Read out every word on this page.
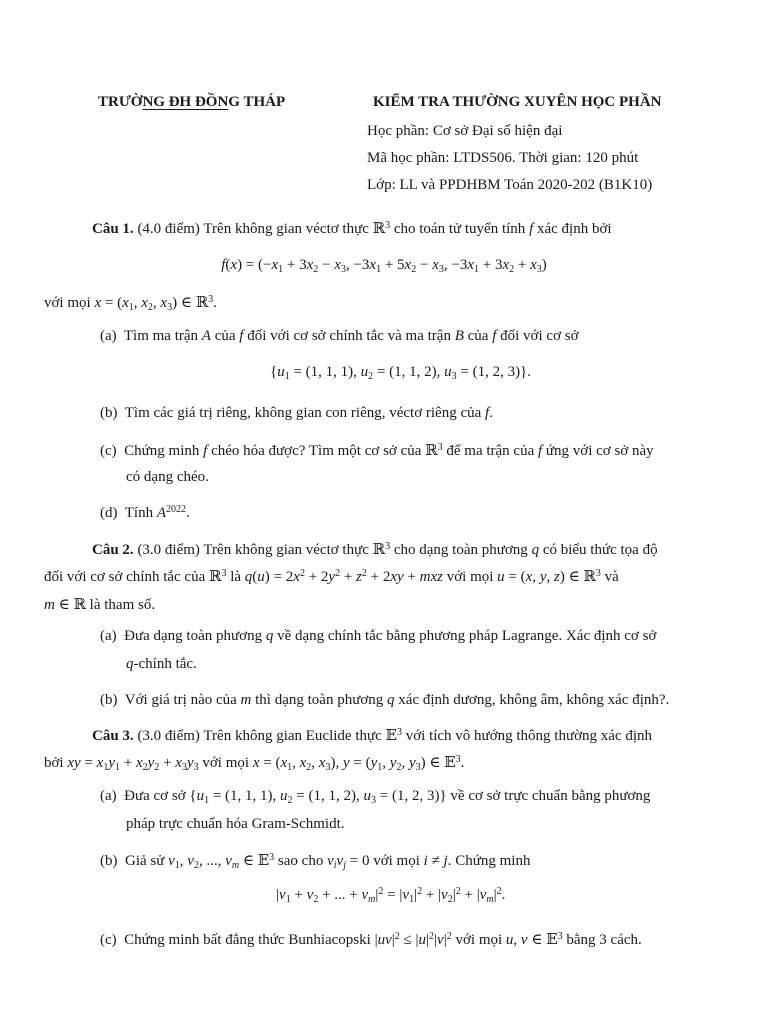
TRƯỜNG ĐH ĐỒNG THÁP	KIỂM TRA THƯỜNG XUYÊN HỌC PHẦN
Học phần: Cơ sở Đại số hiện đại
Mã học phần: LTDS506. Thời gian: 120 phút
Lớp: LL và PPDHBM Toán 2020-202 (B1K10)
Câu 1. (4.0 điểm) Trên không gian véctơ thực ℝ$^3$ cho toán tử tuyến tính f xác định bởi
$f(x) = (-x_1 + 3x_2 - x_3$, $-3x_1 + 5x_2 - x_3$, $-3x_1 + 3x_2 + x_3$)
với mọi $x = (x_1$, $x_2$, $x_3$) ∈ ℝ$^3$.
(a) Tìm ma trận A của f đối với cơ sở chính tắc và ma trận B của f đối với cơ sở
{$u_1 = (1$, 1, 1), $u_2 = (1$, 1, 2), $u_3 = (1$, 2, 3)}.
(b) Tìm các giá trị riêng, không gian con riêng, véctơ riêng của f.
(c) Chứng minh f chéo hóa được? Tìm một cơ sở của ℝ$^3$ để ma trận của f ứng với cơ sở này
có dạng chéo.
(d) Tính $A^{2022}$.
Câu 2. (3.0 điểm) Trên không gian véctơ thực ℝ$^3$ cho dạng toàn phương q có biểu thức tọa độ
đối với cơ sở chính tắc của ℝ$^3$ là $q(u) = 2x^2 + 2y^2 + z^2 + 2xy$ + mxz với mọi u = (x, y, z) ∈ ℝ$^3$ và
m ∈ ℝ là tham số.
(a) Đưa dạng toàn phương q về dạng chính tắc bằng phương pháp Lagrange. Xác định cơ sở
q-chính tắc.
(b) Với giá trị nào của m thì dạng toàn phương q xác định dương, không âm, không xác định?.
Câu 3. (3.0 điểm) Trên không gian Euclide thực 𝔼$^3$ với tích vô hướng thông thường xác định
bởi xy = $x_1y_1 + x_2y_2 + x_3y_3$ với mọi $x = (x_1$, $x_2$, $x_3$), $y = (y_1$, $y_2$, $y_3$) ∈ 𝔼$^3$.
(a) Đưa cơ sở {$u_1 = (1$, 1, 1), $u_2 = (1$, 1, 2), $u_3 = (1$, 2, 3)} về cơ sở trực chuẩn bằng phương
pháp trực chuẩn hóa Gram-Schmidt.
(b) Giả sử $v_1$, $v_2$, ..., $v_m$ ∈ 𝔼$^3$ sao cho $v_iv_j = 0$ với mọi i ≠ j. Chứng minh
$|v_1 + v_2$ + ... + $v_m|^2 = |v_1|^2 + |v_2|^2 + |v_m|^2$.
(c) Chứng minh bất đẳng thức Bunhiacopski $|uv|^2 \le |u|^2|v|^2$ với mọi u, v ∈ 𝔼$^3$ bằng 3 cách.
